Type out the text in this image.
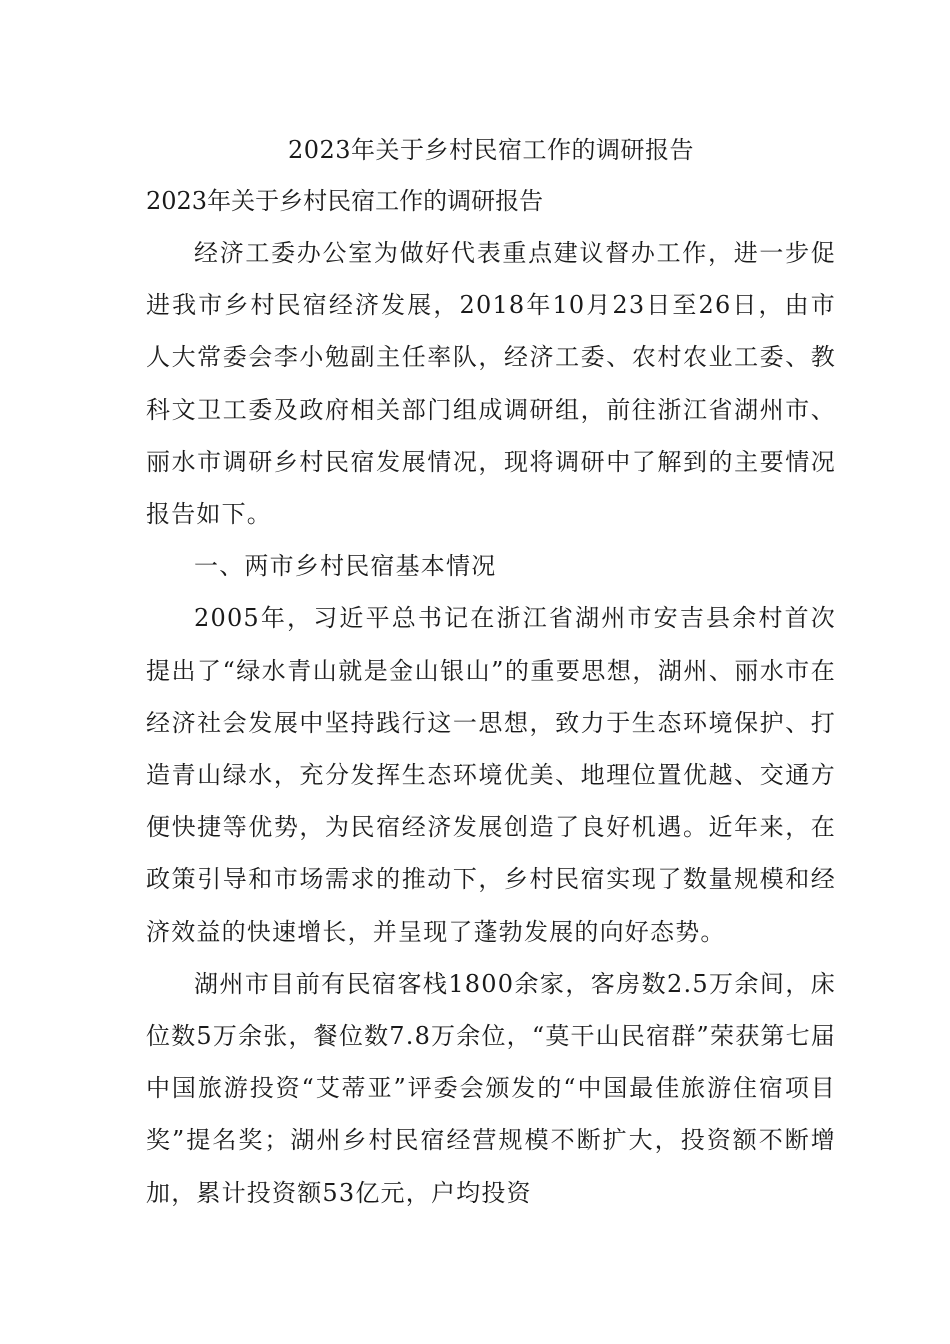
2023年关于乡村民宿工作的调研报告
2023年关于乡村民宿工作的调研报告

经济工委办公室为做好代表重点建议督办工作，进一步促进我市乡村民宿经济发展，2018年10月23日至26日，由市人大常委会李小勉副主任率队，经济工委、农村农业工委、教科文卫工委及政府相关部门组成调研组，前往浙江省湖州市、丽水市调研乡村民宿发展情况，现将调研中了解到的主要情况报告如下。

一、两市乡村民宿基本情况

2005年，习近平总书记在浙江省湖州市安吉县余村首次提出了“绿水青山就是金山银山”的重要思想，湖州、丽水市在经济社会发展中坚持践行这一思想，致力于生态环境保护、打造青山绿水，充分发挥生态环境优美、地理位置优越、交通方便快捷等优势，为民宿经济发展创造了良好机遇。近年来，在政策引导和市场需求的推动下，乡村民宿实现了数量规模和经济效益的快速增长，并呈现了蓬勃发展的向好态势。

湖州市目前有民宿客栈1800余家，客房数2.5万余间，床位数5万余张，餐位数7.8万余位，“莫干山民宿群”荣获第七届中国旅游投资“艾蒂亚”评委会颁发的“中国最佳旅游住宿项目奖”提名奖；湖州乡村民宿经营规模不断扩大，投资额不断增加，累计投资额53亿元，户均投资
